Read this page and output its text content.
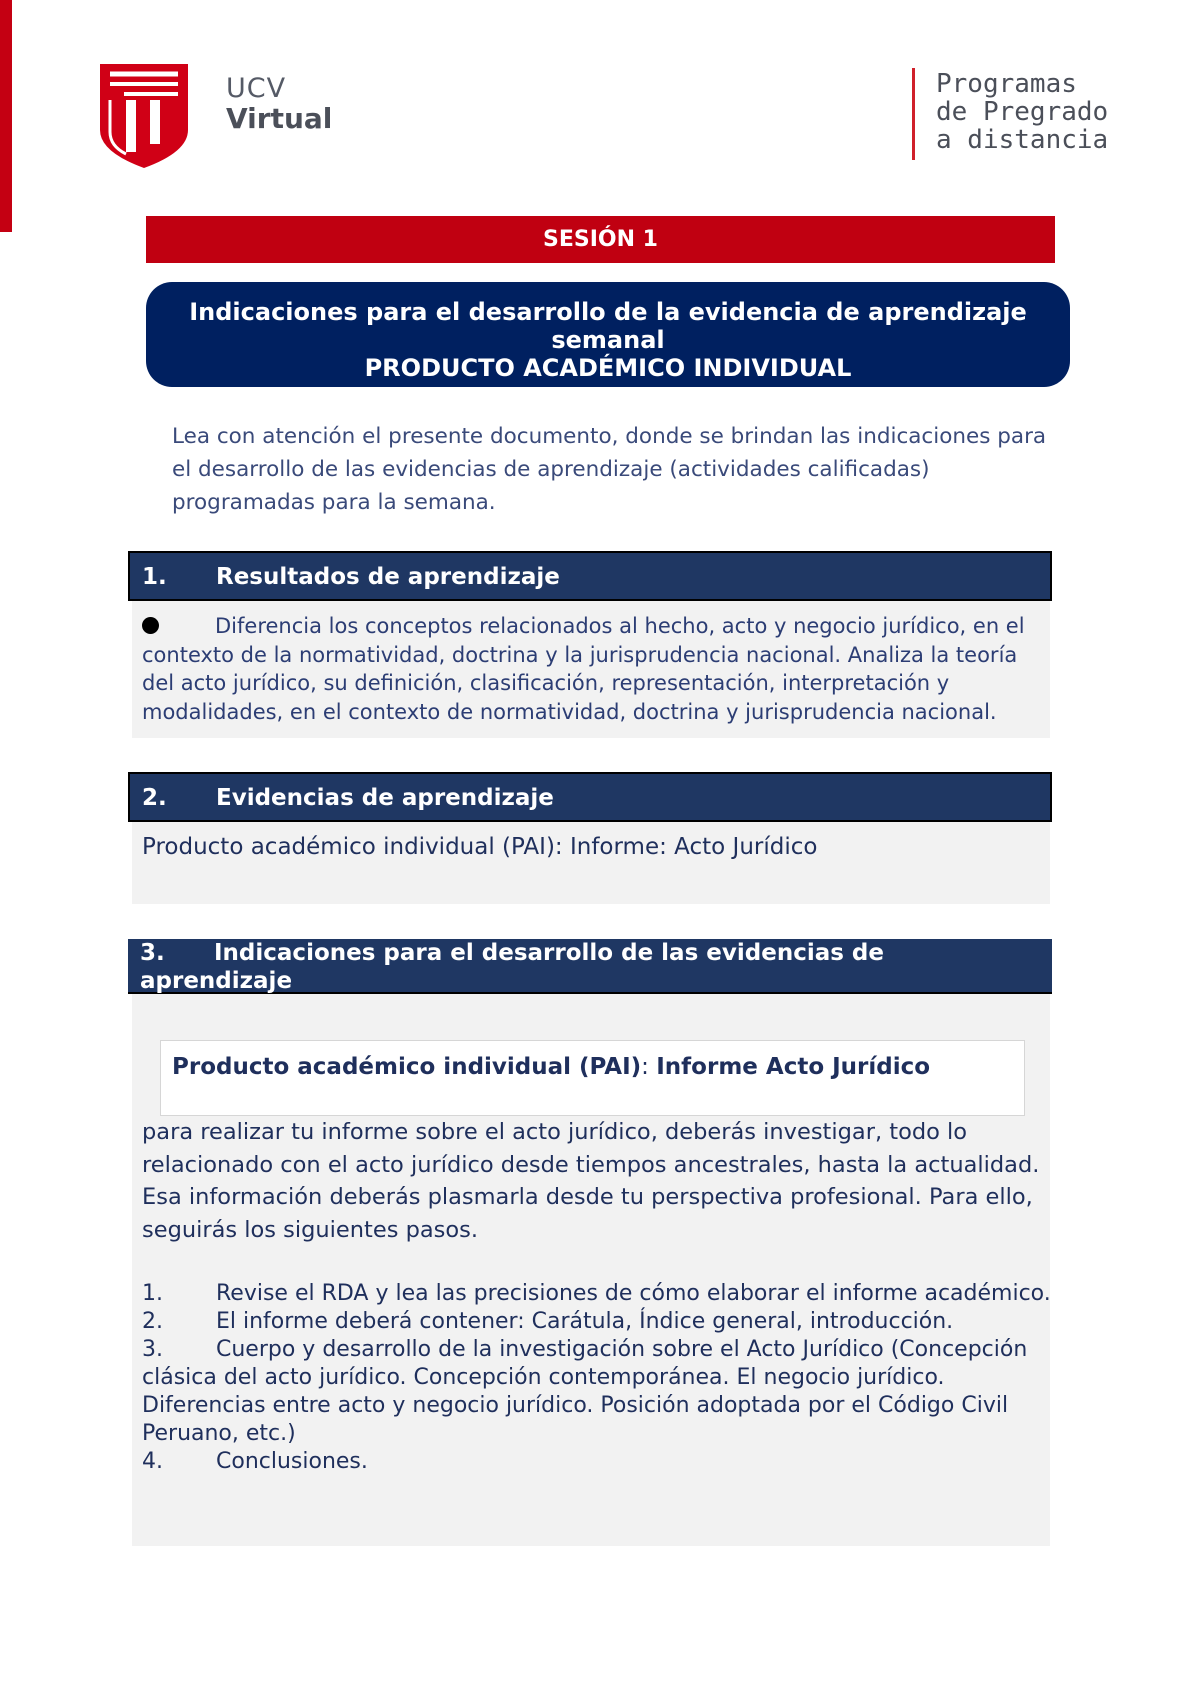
UCV
Virtual
Programas
de Pregrado
a distancia
SESIÓN 1
Indicaciones para el desarrollo de la evidencia de aprendizaje
semanal
PRODUCTO ACADÉMICO INDIVIDUAL
Lea con atención el presente documento, donde se brindan las indicaciones para el desarrollo de las evidencias de aprendizaje (actividades calificadas) programadas para la semana.
1. Resultados de aprendizaje
Diferencia los conceptos relacionados al hecho, acto y negocio jurídico, en el contexto de la normatividad, doctrina y la jurisprudencia nacional. Analiza la teoría del acto jurídico, su definición, clasificación, representación, interpretación y modalidades, en el contexto de normatividad, doctrina y jurisprudencia nacional.
2. Evidencias de aprendizaje
Producto académico individual (PAI): Informe: Acto Jurídico
3. Indicaciones para el desarrollo de las evidencias de aprendizaje
Producto académico individual (PAI): Informe Acto Jurídico
para realizar tu informe sobre el acto jurídico, deberás investigar, todo lo relacionado con el acto jurídico desde tiempos ancestrales, hasta la actualidad. Esa información deberás plasmarla desde tu perspectiva profesional. Para ello, seguirás los siguientes pasos.
1. Revise el RDA y lea las precisiones de cómo elaborar el informe académico.
2. El informe deberá contener: Carátula, Índice general, introducción.
3. Cuerpo y desarrollo de la investigación sobre el Acto Jurídico (Concepción
clásica del acto jurídico. Concepción contemporánea. El negocio jurídico. Diferencias entre acto y negocio jurídico. Posición adoptada por el Código Civil Peruano, etc.)
4. Conclusiones.
